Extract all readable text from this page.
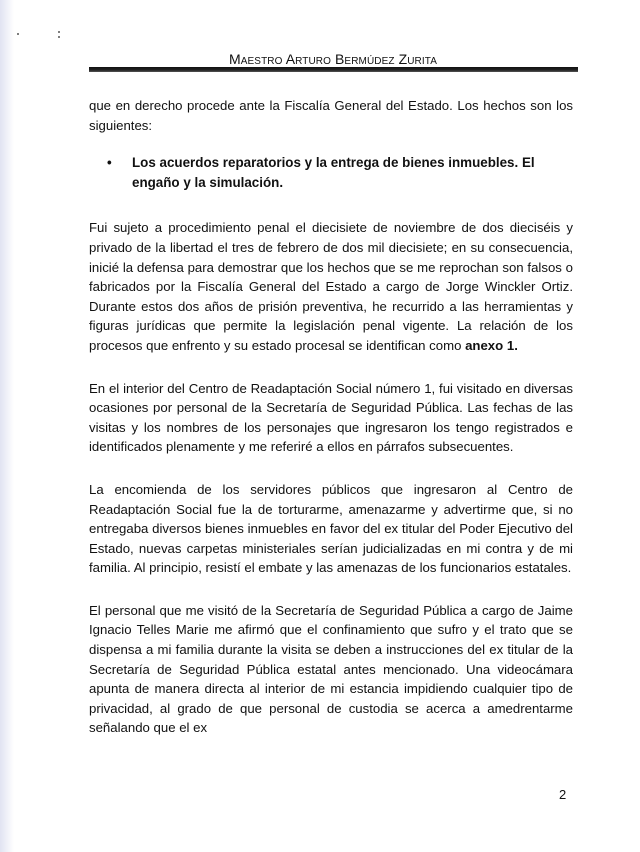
Maestro Arturo Bermúdez Zurita

que en derecho procede ante la Fiscalía General del Estado. Los hechos son los siguientes:

•	Los acuerdos reparatorios y la entrega de bienes inmuebles. El engaño y la simulación.

Fui sujeto a procedimiento penal el diecisiete de noviembre de dos dieciséis y privado de la libertad el tres de febrero de dos mil diecisiete; en su consecuencia, inicié la defensa para demostrar que los hechos que se me reprochan son falsos o fabricados por la Fiscalía General del Estado a cargo de Jorge Winckler Ortiz. Durante estos dos años de prisión preventiva, he recurrido a las herramientas y figuras jurídicas que permite la legislación penal vigente. La relación de los procesos que enfrento y su estado procesal se identifican como anexo 1.

En el interior del Centro de Readaptación Social número 1, fui visitado en diversas ocasiones por personal de la Secretaría de Seguridad Pública. Las fechas de las visitas y los nombres de los personajes que ingresaron los tengo registrados e identificados plenamente y me referiré a ellos en párrafos subsecuentes.

La encomienda de los servidores públicos que ingresaron al Centro de Readaptación Social fue la de torturarme, amenazarme y advertirme que, si no entregaba diversos bienes inmuebles en favor del ex titular del Poder Ejecutivo del Estado, nuevas carpetas ministeriales serían judicializadas en mi contra y de mi familia. Al principio, resistí el embate y las amenazas de los funcionarios estatales.

El personal que me visitó de la Secretaría de Seguridad Pública a cargo de Jaime Ignacio Telles Marie me afirmó que el confinamiento que sufro y el trato que se dispensa a mi familia durante la visita se deben a instrucciones del ex titular de la Secretaría de Seguridad Pública estatal antes mencionado. Una videocámara apunta de manera directa al interior de mi estancia impidiendo cualquier tipo de privacidad, al grado de que personal de custodia se acerca a amedrentarme señalando que el ex

2
